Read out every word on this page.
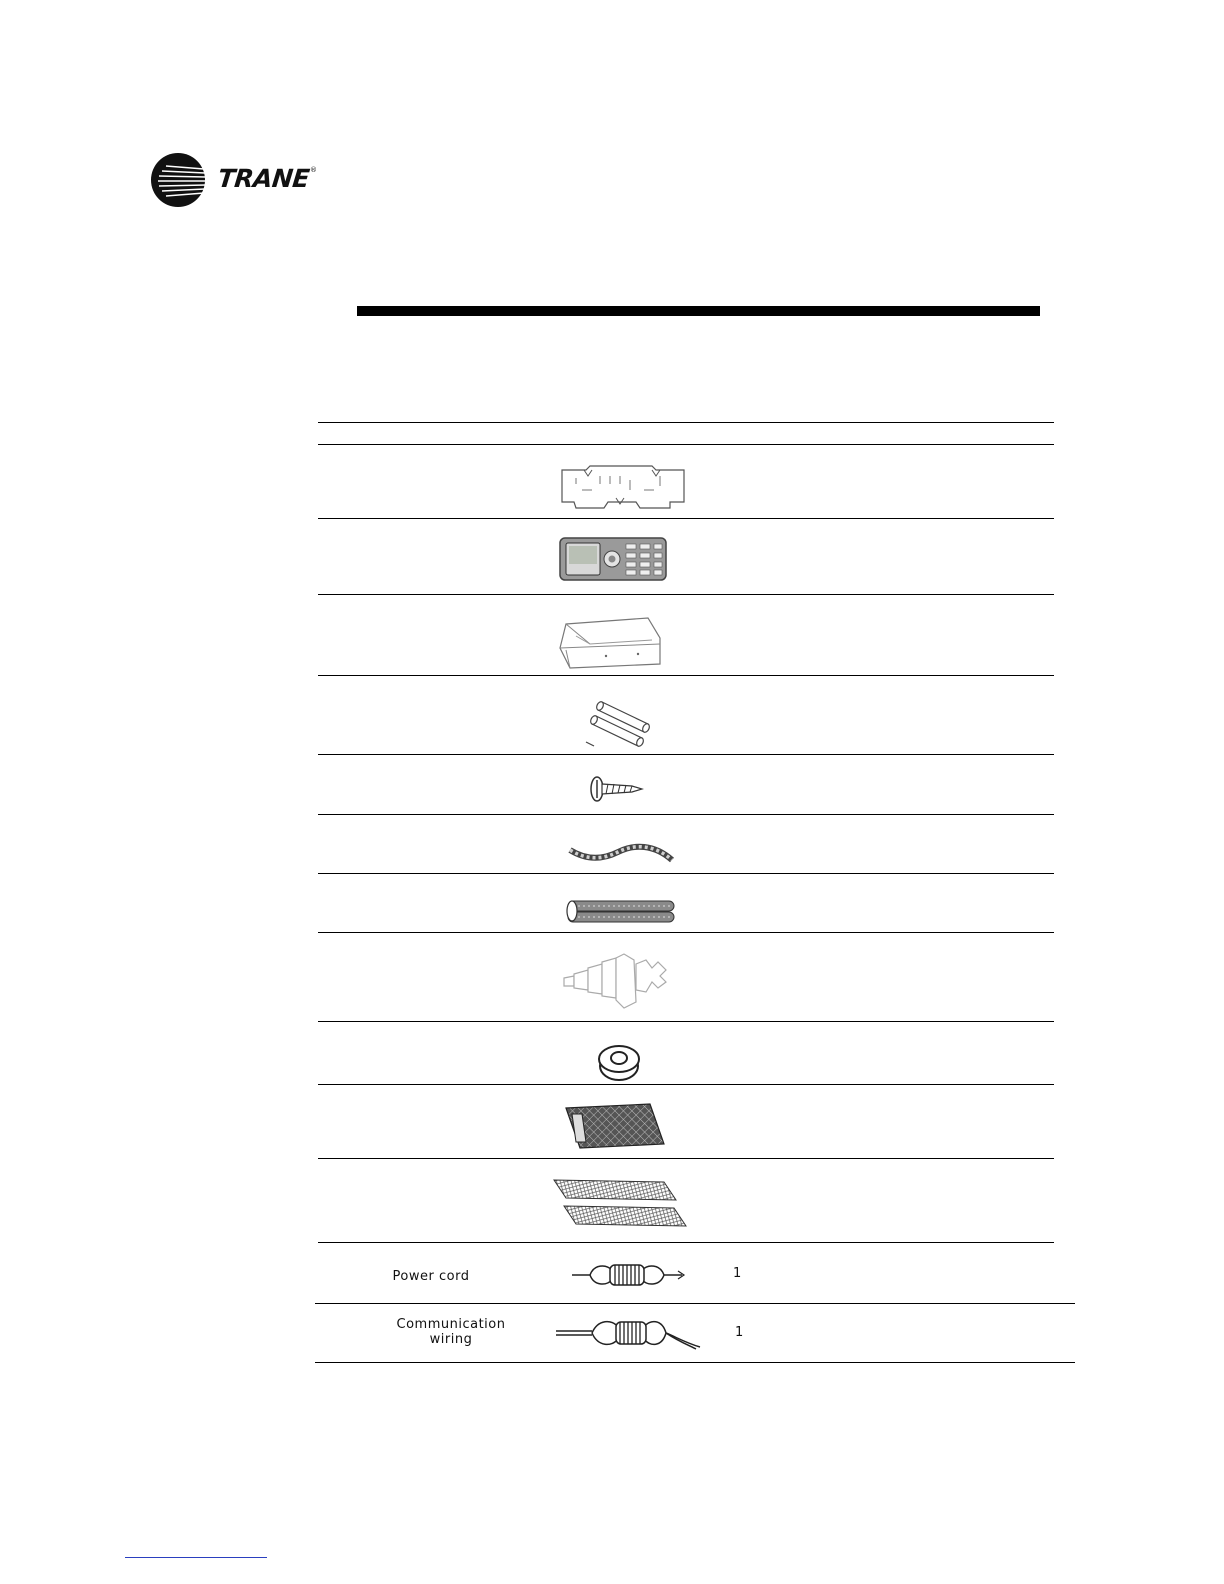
TRANE ®
Power cord	1
Communication wiring	1
